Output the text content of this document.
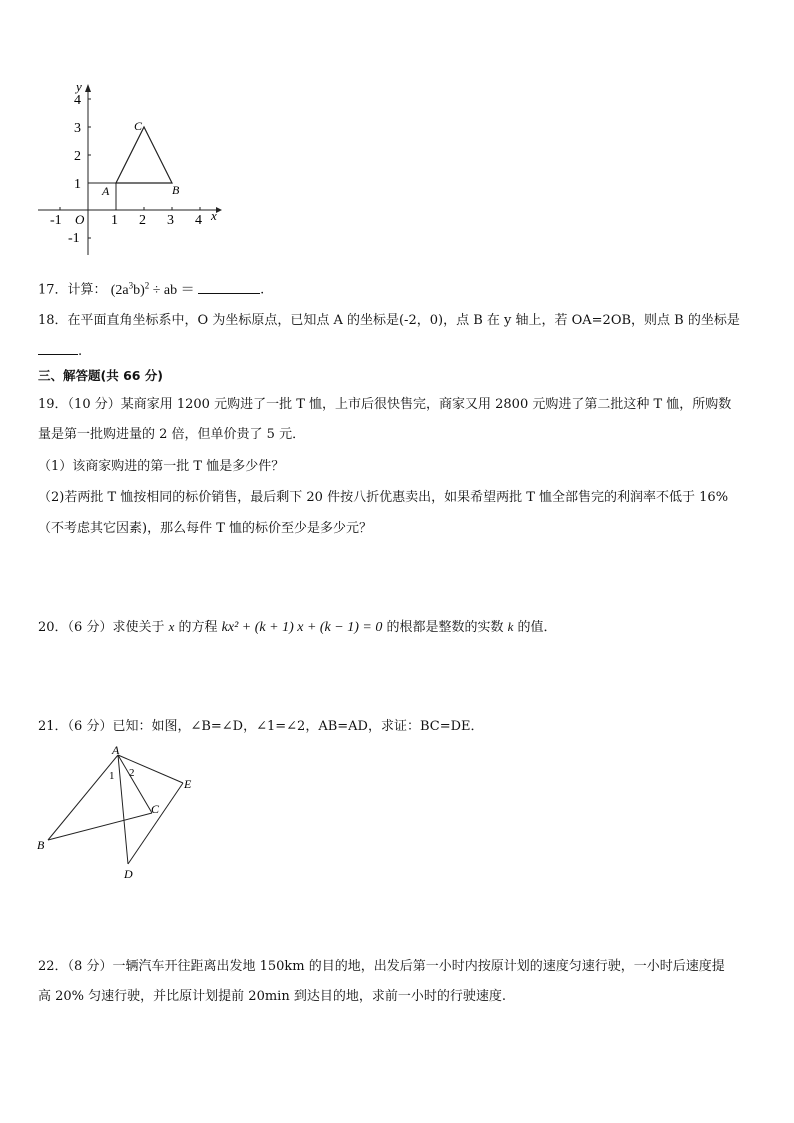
-1	1 2 3 4
4
3
2
1
-1
x
y
O
A	B
C
17．计算： $(2a^3b)^2$ ÷ ab ＝	.
18．在平面直角坐标系中，O 为坐标原点，已知点 A 的坐标是(-2，0)，点 B 在 y 轴上，若 OA=2OB，则点 B 的坐标是
.
三、解答题(共 66 分)
19．（10 分）某商家用 1200 元购进了一批 T 恤，上市后很快售完，商家又用 2800 元购进了第二批这种 T 恤，所购数
量是第一批购进量的 2 倍，但单价贵了 5 元．
（1）该商家购进的第一批 T 恤是多少件？
（2)若两批 T 恤按相同的标价销售，最后剩下 20 件按八折优惠卖出，如果希望两批 T 恤全部售完的利润率不低于 16%
（不考虑其它因素)，那么每件 T 恤的标价至少是多少元？
20．（6 分）求使关于 x 的方程 kx² + (k + 1) x + (k − 1) = 0 的根都是整数的实数 k 的值．
21．（6 分）已知：如图，∠B=∠D，∠1=∠2，AB=AD，求证：BC=DE．
A
B
C
D
E
1 2
22．（8 分）一辆汽车开往距离出发地 150km 的目的地，出发后第一小时内按原计划的速度匀速行驶，一小时后速度提
高 20% 匀速行驶，并比原计划提前 20min 到达目的地，求前一小时的行驶速度.
